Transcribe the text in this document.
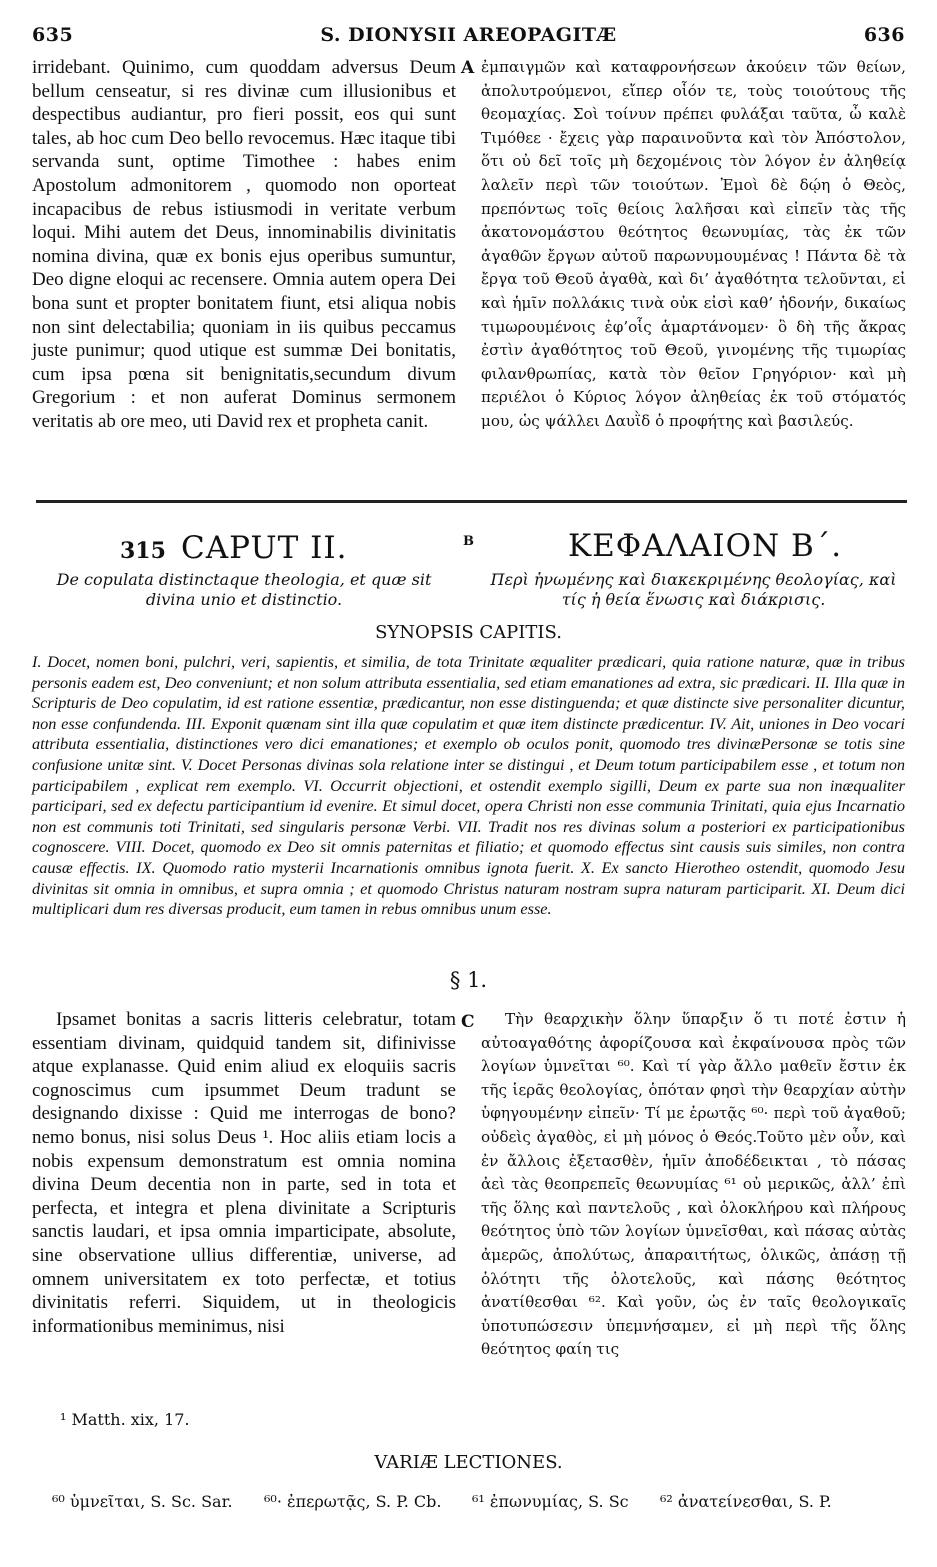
635	S. DIONYSII AREOPAGITÆ	636

irridebant. Quinimo, cum quoddam adversus Deum bellum censeatur, si res divinæ cum illusionibus et despectibus audiantur, pro fieri possit, eos qui sunt tales, ab hoc cum Deo bello revocemus. Hæc itaque tibi servanda sunt, optime Timothee : habes enim Apostolum admonitorem , quomodo non oporteat incapacibus de rebus istiusmodi in veritate verbum loqui. Mihi autem det Deus, innominabilis divinitatis nomina divina, quæ ex bonis ejus operibus sumuntur, Deo digne eloqui ac recensere. Omnia autem opera Dei bona sunt et propter bonitatem fiunt, etsi aliqua nobis non sint delectabilia; quoniam in iis quibus peccamus juste punimur; quod utique est summæ Dei bonitatis, cum ipsa pœna sit benignitatis,secundum divum Gregorium : et non auferat Dominus sermonem veritatis ab ore meo, uti David rex et propheta canit.

A ἐμπαιγμῶν καὶ καταφρονήσεων ἀκούειν τῶν θείων, ἀπολυτρούμενοι, εἴπερ οἷόν τε, τοὺς τοιούτους τῆς θεομαχίας. Σοὶ τοίνυν πρέπει φυλάξαι ταῦτα, ὦ καλὲ Τιμόθεε · ἔχεις γὰρ παραινοῦντα καὶ τὸν Ἀπόστολον, ὅτι οὐ δεῖ τοῖς μὴ δεχομένοις τὸν λόγον ἐν ἀληθείᾳ λαλεῖν περὶ τῶν τοιούτων. Ἐμοὶ δὲ δῴη ὁ Θεὸς, πρεπόντως τοῖς θείοις λαλῆσαι καὶ εἰπεῖν τὰς τῆς ἀκατονομάστου θεότητος θεωνυμίας, τὰς ἐκ τῶν ἀγαθῶν ἔργων αὐτοῦ παρωνυμουμένας ! Πάντα δὲ τὰ ἔργα τοῦ Θεοῦ ἀγαθὰ, καὶ δι’ ἀγαθότητα τελοῦνται, εἰ καὶ ἡμῖν πολλάκις τινὰ οὐκ εἰσὶ καθ’ ἡδονήν, δικαίως τιμωρουμένοις ἐφ’οἷς ἁμαρτάνομεν· ὃ δὴ τῆς ἄκρας ἐστὶν ἀγαθότητος τοῦ Θεοῦ, γινομένης τῆς τιμωρίας φιλανθρωπίας, κατὰ τὸν θεῖον Γρηγόριον· καὶ μὴ περιέλοι ὁ Κύριος λόγον ἀληθείας ἐκ τοῦ στόματός μου, ὡς ψάλλει Δαυῒδ ὁ προφήτης καὶ βασιλεύς.

315 CAPUT II.	B	ΚΕΦΑΛΑΙΟΝ Β΄.
De copulata distinctaque theologia, et quæ sit divina unio et distinctio.
Περὶ ἡνωμένης καὶ διακεκριμένης θεολογίας, καὶ τίς ἡ θεία ἕνωσις καὶ διάκρισις.
SYNOPSIS CAPITIS.
I. Docet, nomen boni, pulchri, veri, sapientis, et similia, de tota Trinitate æqualiter prædicari, quia ratione naturæ, quæ in tribus personis eadem est, Deo conveniunt; et non solum attributa essentialia, sed etiam emanationes ad extra, sic prædicari. II. Illa quæ in Scripturis de Deo copulatim, id est ratione essentiæ, prædicantur, non esse distinguenda; et quæ distincte sive personaliter dicuntur, non esse confundenda. III. Exponit quænam sint illa quæ copulatim et quæ item distincte prædicentur. IV. Ait, uniones in Deo vocari attributa essentialia, distinctiones vero dici emanationes; et exemplo ob oculos ponit, quomodo tres divinæPersonæ se totis sine confusione unitæ sint. V. Docet Personas divinas sola relatione inter se distingui , et Deum totum participabilem esse , et totum non participabilem , explicat rem exemplo. VI. Occurrit objectioni, et ostendit exemplo sigilli, Deum ex parte sua non inæqualiter participari, sed ex defectu participantium id evenire. Et simul docet, opera Christi non esse communia Trinitati, quia ejus Incarnatio non est communis toti Trinitati, sed singularis personæ Verbi. VII. Tradit nos res divinas solum a posteriori ex participationibus cognoscere. VIII. Docet, quomodo ex Deo sit omnis paternitas et filiatio; et quomodo effectus sint causis suis similes, non contra causæ effectis. IX. Quomodo ratio mysterii Incarnationis omnibus ignota fuerit. X. Ex sancto Hierotheo ostendit, quomodo Jesu divinitas sit omnia in omnibus, et supra omnia ; et quomodo Christus naturam nostram supra naturam participarit. XI. Deum dici multiplicari dum res diversas producit, eum tamen in rebus omnibus unum esse.
§ 1.

Ipsamet bonitas a sacris litteris celebratur, totam essentiam divinam, quidquid tandem sit, difinivisse atque explanasse. Quid enim aliud ex eloquiis sacris cognoscimus cum ipsummet Deum tradunt se designando dixisse : Quid me interrogas de bono? nemo bonus, nisi solus Deus ¹. Hoc aliis etiam locis a nobis expensum demonstratum est omnia nomina divina Deum decentia non in parte, sed in tota et perfecta, et integra et plena divinitate a Scripturis sanctis laudari, et ipsa omnia imparticipate, absolute, sine observatione ullius differentiæ, universe, ad omnem universitatem ex toto perfectæ, et totius divinitatis referri. Siquidem, ut in theologicis informationibus meminimus, nisi

C	Τὴν θεαρχικὴν ὅλην ὕπαρξιν ὅ τι ποτέ ἐστιν ἡ αὐτοαγαθότης ἀφορίζουσα καὶ ἐκφαίνουσα πρὸς τῶν λογίων ὑμνεῖται ⁶⁰. Καὶ τί γὰρ ἄλλο μαθεῖν ἔστιν ἐκ τῆς ἱερᾶς θεολογίας, ὁπόταν φησὶ τὴν θεαρχίαν αὐτὴν ὑφηγουμένην εἰπεῖν· Τί με ἐρωτᾷς ⁶⁰· περὶ τοῦ ἀγαθοῦ; οὐδεὶς ἀγαθὸς, εἰ μὴ μόνος ὁ Θεός.Τοῦτο μὲν οὖν, καὶ ἐν ἄλλοις ἐξετασθὲν, ἡμῖν ἀποδέδεικται , τὸ πάσας ἀεὶ τὰς θεοπρεπεῖς θεωνυμίας ⁶¹ οὐ μερικῶς, ἀλλ’ ἐπὶ τῆς ὅλης καὶ παντελοῦς , καὶ ὁλοκλήρου καὶ πλήρους θεότητος ὑπὸ τῶν λογίων ὑμνεῖσθαι, καὶ πάσας αὐτὰς ἀμερῶς, ἀπολύτως, ἀπαραιτήτως, ὁλικῶς, ἀπάσῃ τῇ ὁλότητι τῆς ὁλοτελοῦς, καὶ πάσης θεότητος ἀνατίθεσθαι ⁶². Καὶ γοῦν, ὡς ἐν ταῖς θεολογικαῖς ὑποτυπώσεσιν ὑπεμνήσαμεν, εἰ μὴ περὶ τῆς ὅλης θεότητος φαίη τις

¹ Matth. xix, 17.
VARIÆ LECTIONES.
⁶⁰ ὑμνεῖται, S. Sc. Sar. ⁶⁰· ἐπερωτᾷς, S. P. Cb. ⁶¹ ἐπωνυμίας, S. Sc ⁶² ἀνατείνεσθαι, S. P.
